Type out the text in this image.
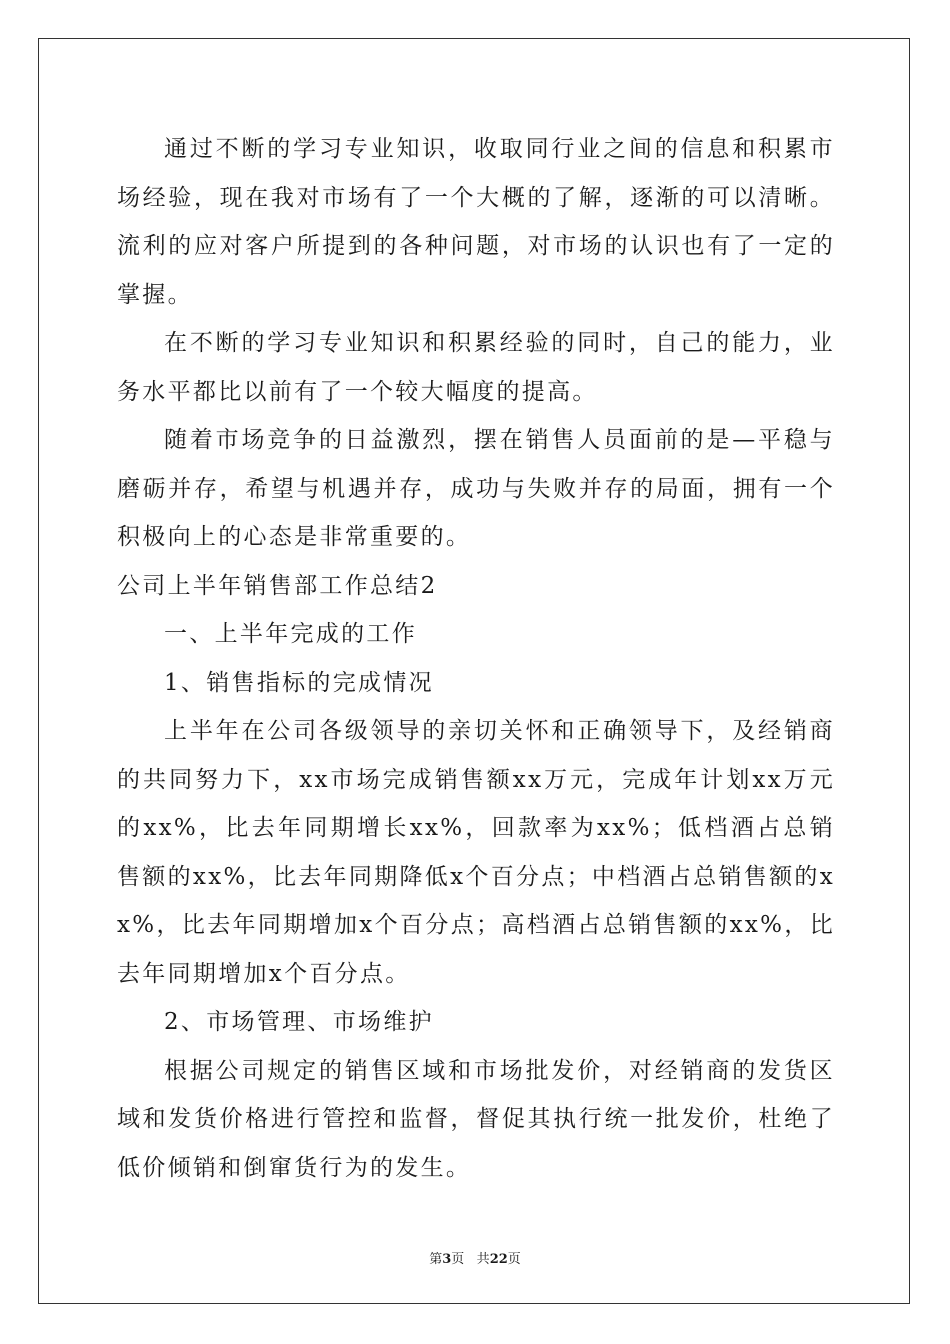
通过不断的学习专业知识，收取同行业之间的信息和积累市场经验，现在我对市场有了一个大概的了解，逐渐的可以清晰。流利的应对客户所提到的各种问题，对市场的认识也有了一定的掌握。

在不断的学习专业知识和积累经验的同时，自己的能力，业务水平都比以前有了一个较大幅度的提高。

随着市场竞争的日益激烈，摆在销售人员面前的是—平稳与磨砺并存，希望与机遇并存，成功与失败并存的局面，拥有一个积极向上的心态是非常重要的。

公司上半年销售部工作总结2

一、上半年完成的工作

1、销售指标的完成情况

上半年在公司各级领导的亲切关怀和正确领导下，及经销商的共同努力下，xx市场完成销售额xx万元，完成年计划xx万元的xx%，比去年同期增长xx%，回款率为xx%；低档酒占总销售额的xx%，比去年同期降低x个百分点；中档酒占总销售额的xx%，比去年同期增加x个百分点；高档酒占总销售额的xx%，比去年同期增加x个百分点。

2、市场管理、市场维护

根据公司规定的销售区域和市场批发价，对经销商的发货区域和发货价格进行管控和监督，督促其执行统一批发价，杜绝了低价倾销和倒窜货行为的发生。

第3页 共22页
